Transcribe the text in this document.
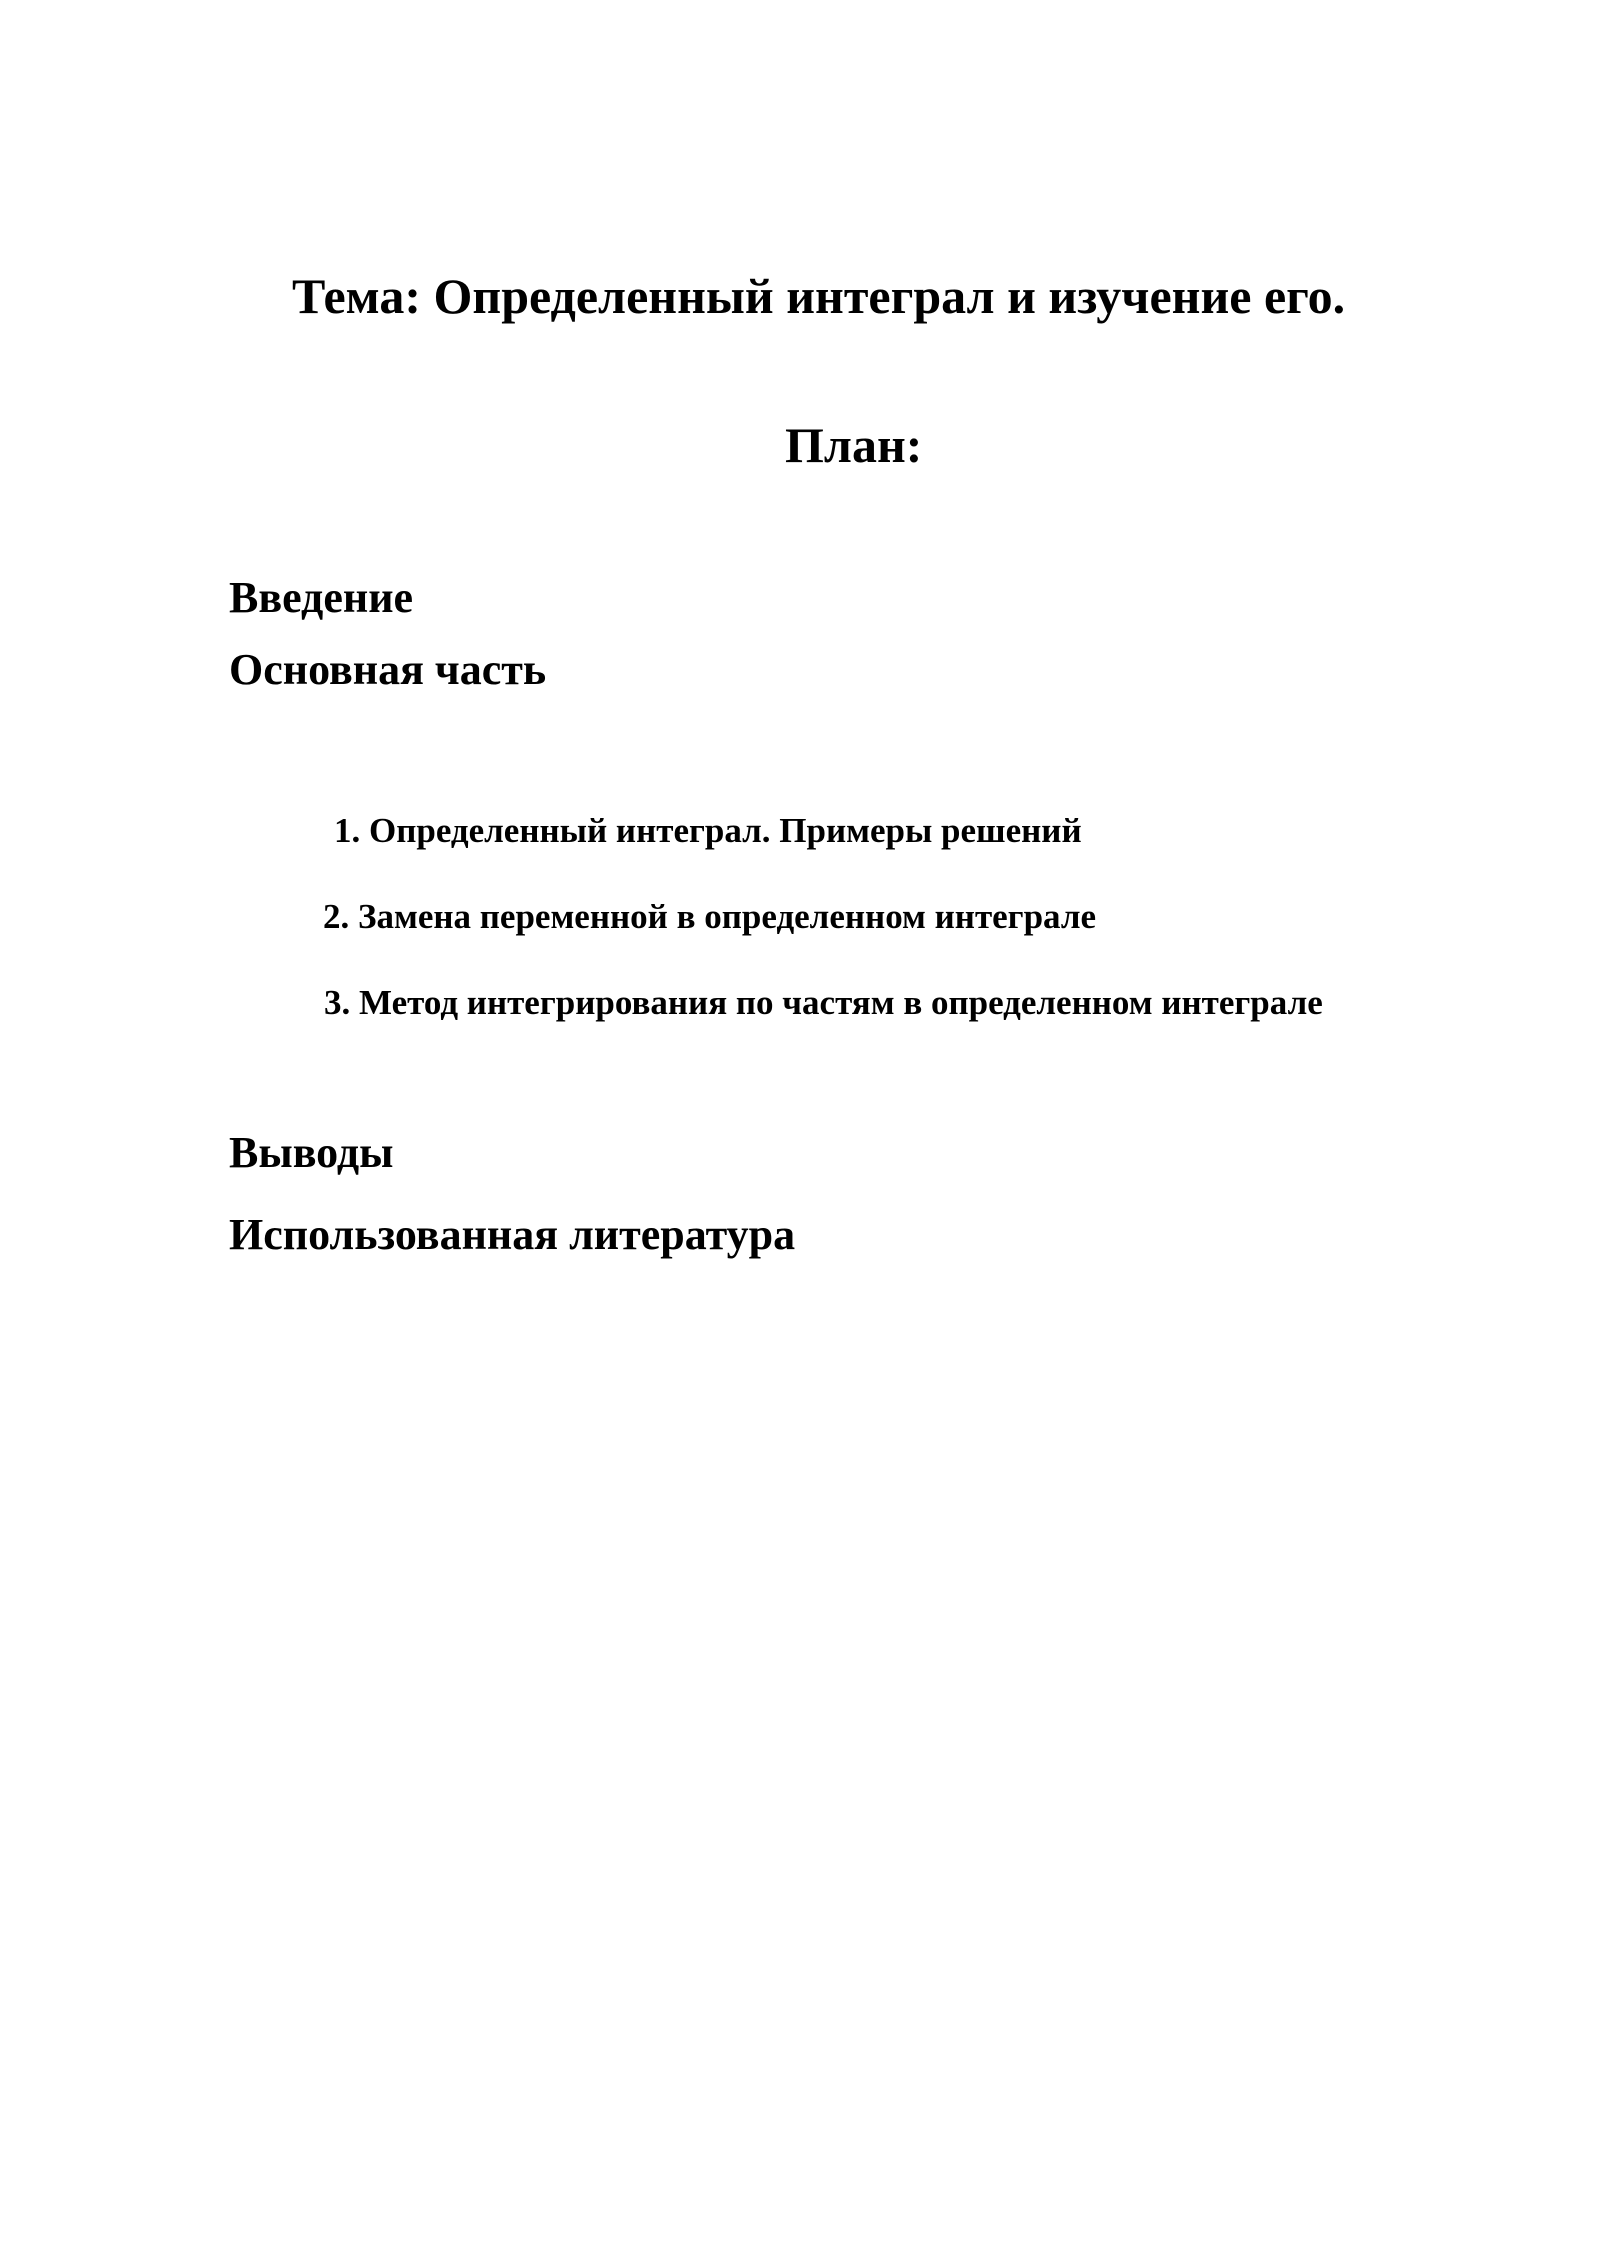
Тема: Определенный интеграл и изучение его.
План:
Введение
Основная часть
1. Определенный интеграл. Примеры решений
2. Замена переменной в определенном интеграле
3. Метод интегрирования по частям в определенном интеграле
Выводы
Использованная литература
